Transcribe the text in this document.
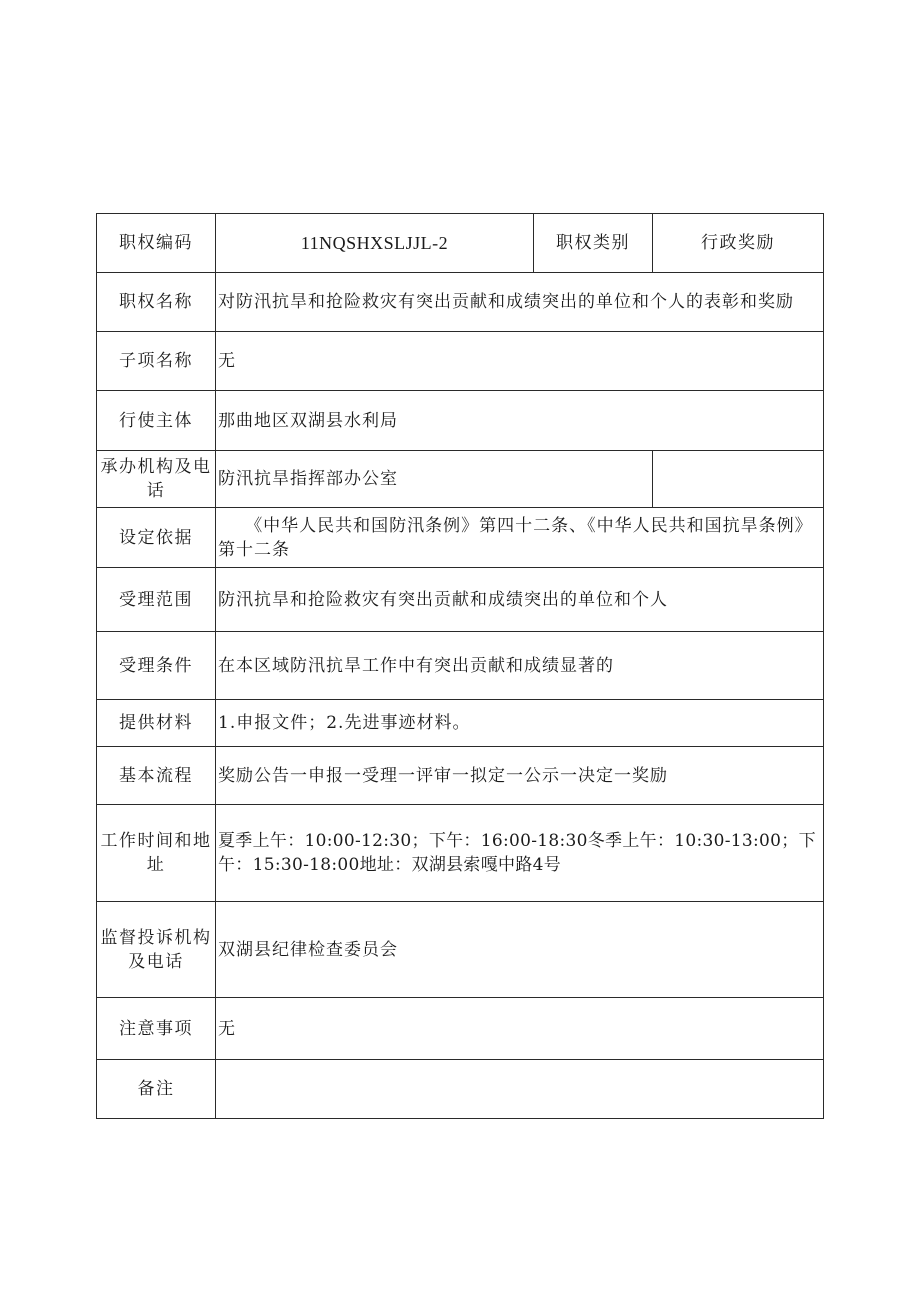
职权编码	11NQSHXSLJJL-2	职权类别	行政奖励
职权名称	对防汛抗旱和抢险救灾有突出贡献和成绩突出的单位和个人的表彰和奖励		
子项名称	无		
行使主体	那曲地区双湖县水利局		
承办机构及电话	防汛抗旱指挥部办公室		
设定依据	《中华人民共和国防汛条例》第四十二条、《中华人民共和国抗旱条例》第十二条		
受理范围	防汛抗旱和抢险救灾有突出贡献和成绩突出的单位和个人		
受理条件	在本区域防汛抗旱工作中有突出贡献和成绩显著的		
提供材料	1.申报文件；2.先进事迹材料。		
基本流程	奖励公告一申报一受理一评审一拟定一公示一决定一奖励		
工作时间和地址	夏季上午：10:00-12:30；下午：16:00-18:30冬季上午：10:30-13:00；下午：15:30-18:00地址：双湖县索嘎中路4号		
监督投诉机构及电话	双湖县纪律检查委员会		
注意事项	无		
备注			
